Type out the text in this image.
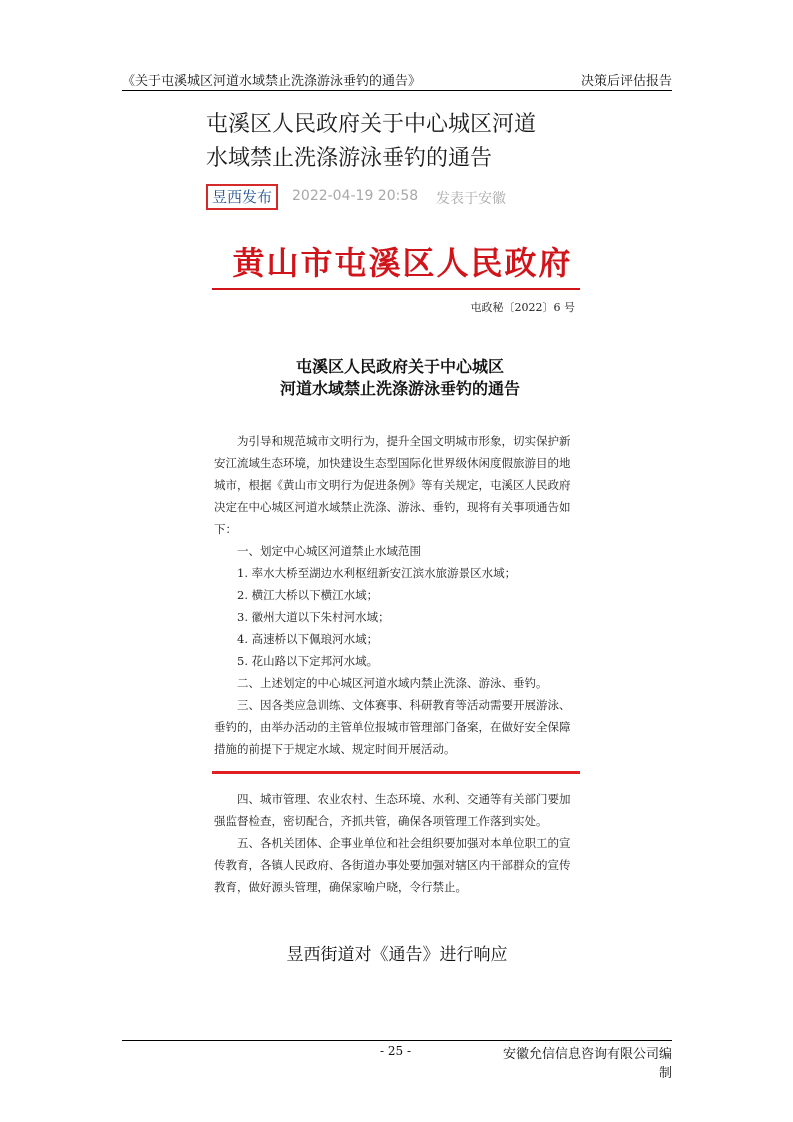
《关于屯溪城区河道水域禁止洗涤游泳垂钓的通告》	决策后评估报告
屯溪区人民政府关于中心城区河道
水域禁止洗涤游泳垂钓的通告
昱西发布	2022-04-19 20:58 发表于安徽
黄山市屯溪区人民政府
屯政秘〔2022〕6 号
屯溪区人民政府关于中心城区
河道水域禁止洗涤游泳垂钓的通告

为引导和规范城市文明行为，提升全国文明城市形象，切实保护新安江流域生态环境，加快建设生态型国际化世界级休闲度假旅游目的地城市，根据《黄山市文明行为促进条例》等有关规定，屯溪区人民政府决定在中心城区河道水域禁止洗涤、游泳、垂钓，现将有关事项通告如下：

一、划定中心城区河道禁止水域范围

1. 率水大桥至湖边水利枢纽新安江滨水旅游景区水域；

2. 横江大桥以下横江水域；

3. 徽州大道以下朱村河水域；

4. 高速桥以下佩琅河水域；

5. 花山路以下定邦河水域。

二、上述划定的中心城区河道水域内禁止洗涤、游泳、垂钓。

三、因各类应急训练、文体赛事、科研教育等活动需要开展游泳、垂钓的，由举办活动的主管单位报城市管理部门备案，在做好安全保障措施的前提下于规定水域、规定时间开展活动。

四、城市管理、农业农村、生态环境、水利、交通等有关部门要加强监督检查，密切配合，齐抓共管，确保各项管理工作落到实处。

五、各机关团体、企事业单位和社会组织要加强对本单位职工的宣传教育，各镇人民政府、各街道办事处要加强对辖区内干部群众的宣传教育，做好源头管理，确保家喻户晓，令行禁止。

昱西街道对《通告》进行响应
- 25 -	安徽允信信息咨询有限公司编制
